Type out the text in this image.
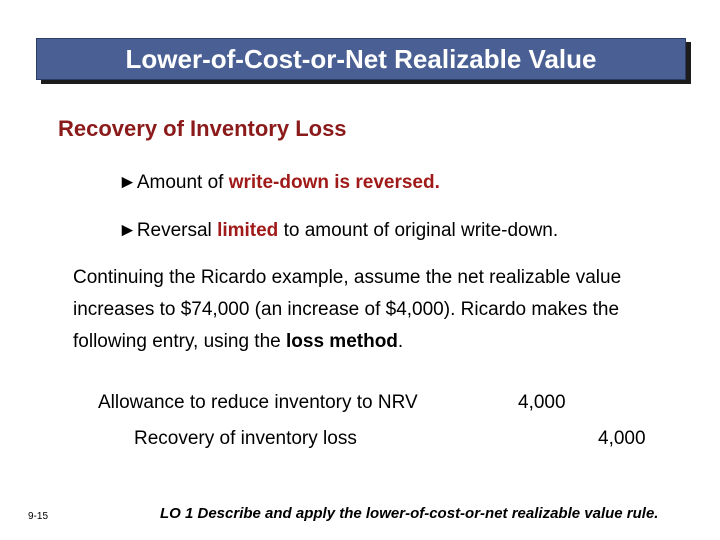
Lower-of-Cost-or-Net Realizable Value
Recovery of Inventory Loss
►Amount of write-down is reversed.
►Reversal limited to amount of original write-down.
Continuing the Ricardo example, assume the net realizable value increases to $74,000 (an increase of $4,000). Ricardo makes the following entry, using the loss method.
Allowance to reduce inventory to NRV	4,000
Recovery of inventory loss	4,000
9-15	LO 1 Describe and apply the lower-of-cost-or-net realizable value rule.
